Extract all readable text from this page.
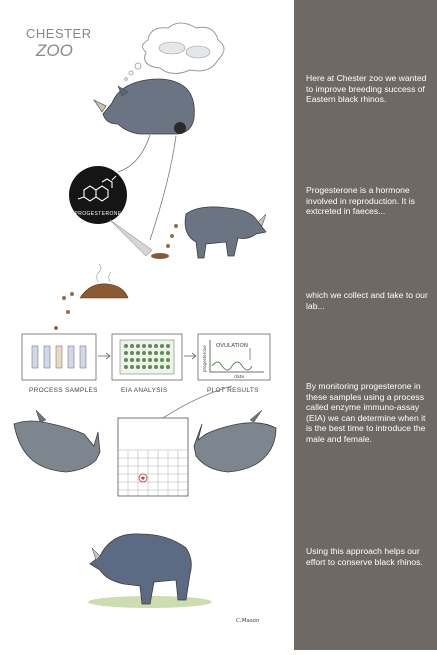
CHESTER
ZOO
PROGESTERONE
OVULATION
progesterone
date
PROCESS SAMPLES	EIA ANALYSIS	PLOT RESULTS
C.Mason
Here at Chester zoo we wanted to improve breeding success of Eastern black rhinos.
Progesterone is a hormone involved in reproduction. It is extcreted in faeces...
which we collect and take to our lab...
By monitoring progesterone in these samples using a process called enzyme immuno-assay (EIA) we can determine when it is the best time to introduce the male and female.
Using this approach helps our effort to conserve black rhinos.
